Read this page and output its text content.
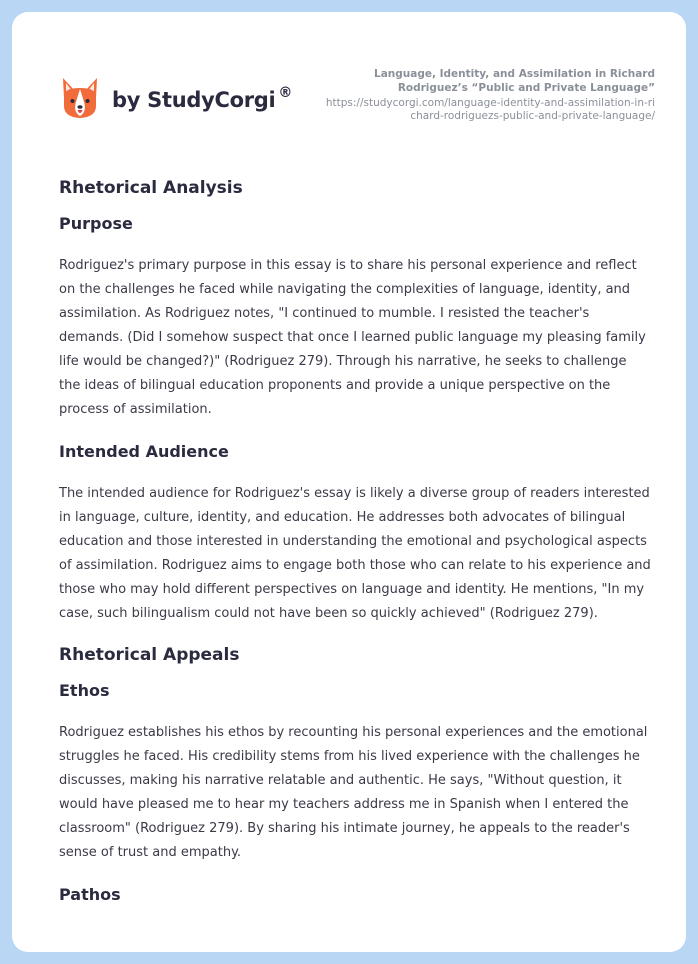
by StudyCorgi ®
Language, Identity, and Assimilation in Richard Rodriguez’s “Public and Private Language”
https://studycorgi.com/language-identity-and-assimilation-in-richard-rodriguezs-public-and-private-language/
Rhetorical Analysis
Purpose

Rodriguez's primary purpose in this essay is to share his personal experience and reflect on the challenges he faced while navigating the complexities of language, identity, and assimilation. As Rodriguez notes, "I continued to mumble. I resisted the teacher's demands. (Did I somehow suspect that once I learned public language my pleasing family life would be changed?)" (Rodriguez 279). Through his narrative, he seeks to challenge the ideas of bilingual education proponents and provide a unique perspective on the process of assimilation.

Intended Audience

The intended audience for Rodriguez's essay is likely a diverse group of readers interested in language, culture, identity, and education. He addresses both advocates of bilingual education and those interested in understanding the emotional and psychological aspects of assimilation. Rodriguez aims to engage both those who can relate to his experience and those who may hold different perspectives on language and identity. He mentions, "In my case, such bilingualism could not have been so quickly achieved" (Rodriguez 279).

Rhetorical Appeals
Ethos

Rodriguez establishes his ethos by recounting his personal experiences and the emotional struggles he faced. His credibility stems from his lived experience with the challenges he discusses, making his narrative relatable and authentic. He says, "Without question, it would have pleased me to hear my teachers address me in Spanish when I entered the classroom" (Rodriguez 279). By sharing his intimate journey, he appeals to the reader's sense of trust and empathy.

Pathos
